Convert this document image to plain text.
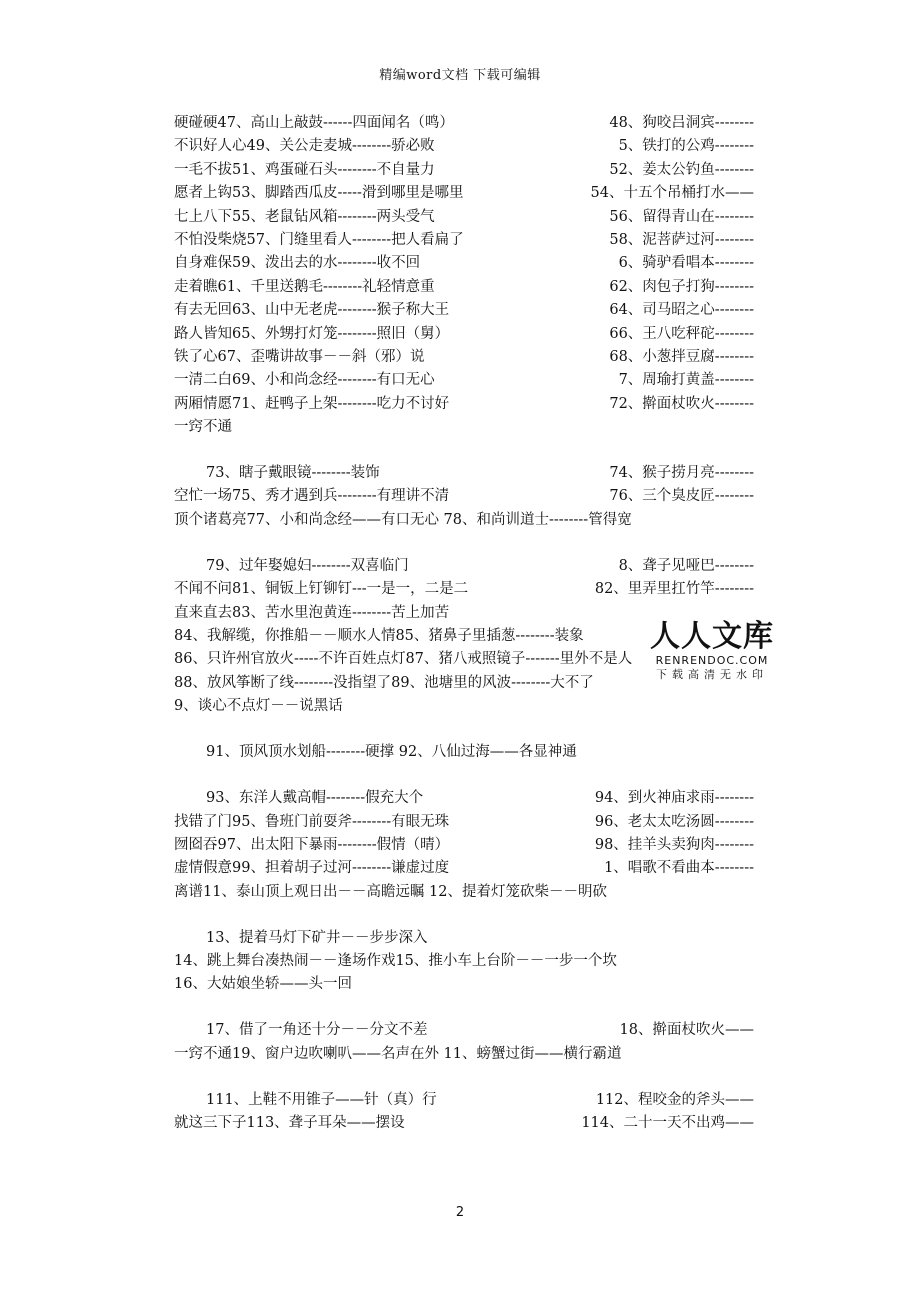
精编word文档 下载可编辑
硬碰硬47、高山上敲鼓------四面闻名（鸣）	48、狗咬吕洞宾--------
不识好人心49、关公走麦城--------骄必败	5、铁打的公鸡--------
一毛不拔51、鸡蛋碰石头--------不自量力	52、姜太公钓鱼--------
愿者上钩53、脚踏西瓜皮-----滑到哪里是哪里	54、十五个吊桶打水——
七上八下55、老鼠钻风箱--------两头受气	56、留得青山在--------
不怕没柴烧57、门缝里看人--------把人看扁了	58、泥菩萨过河--------
自身难保59、泼出去的水--------收不回	6、骑驴看唱本--------
走着瞧61、千里送鹅毛--------礼轻情意重	62、肉包子打狗--------
有去无回63、山中无老虎--------猴子称大王	64、司马昭之心--------
路人皆知65、外甥打灯笼--------照旧（舅）	66、王八吃秤砣--------
铁了心67、歪嘴讲故事－－斜（邪）说	68、小葱拌豆腐--------
一清二白69、小和尚念经--------有口无心	7、周瑜打黄盖--------
两厢情愿71、赶鸭子上架--------吃力不讨好	72、擀面杖吹火--------
一窍不通
73、瞎子戴眼镜--------装饰	74、猴子捞月亮--------
空忙一场75、秀才遇到兵--------有理讲不清	76、三个臭皮匠--------
顶个诸葛亮77、小和尚念经——有口无心 78、和尚训道士--------管得宽
79、过年娶媳妇--------双喜临门	8、聋子见哑巴--------
不闻不问81、铜钣上钉铆钉---一是一，二是二	82、里弄里扛竹竿--------
直来直去83、苦水里泡黄连--------苦上加苦
84、我解缆，你推船－－顺水人情85、猪鼻子里插葱--------装象
86、只许州官放火-----不许百姓点灯87、猪八戒照镜子-------里外不是人
88、放风筝断了线--------没指望了89、池塘里的风波--------大不了
9、谈心不点灯－－说黑话
91、顶风顶水划船--------硬撑 92、八仙过海——各显神通
93、东洋人戴高帽--------假充大个	94、到火神庙求雨--------
找错了门95、鲁班门前耍斧--------有眼无珠	96、老太太吃汤圆--------
囫囵吞97、出太阳下暴雨--------假情（晴）	98、挂羊头卖狗肉--------
虚情假意99、担着胡子过河--------谦虚过度	1、唱歌不看曲本--------
离谱11、泰山顶上观日出－－高瞻远瞩 12、提着灯笼砍柴－－明砍
13、提着马灯下矿井－－步步深入
14、跳上舞台凑热闹－－逢场作戏15、推小车上台阶－－一步一个坎
16、大姑娘坐轿——头一回
17、借了一角还十分－－分文不差	18、擀面杖吹火——
一窍不通19、窗户边吹喇叭——名声在外 11、螃蟹过街——横行霸道
111、上鞋不用锥子——针（真）行	112、程咬金的斧头——
就这三下子113、聋子耳朵——摆设	114、二十一天不出鸡——
人人文库
RENRENDOC.COM
下载高清无水印
2
